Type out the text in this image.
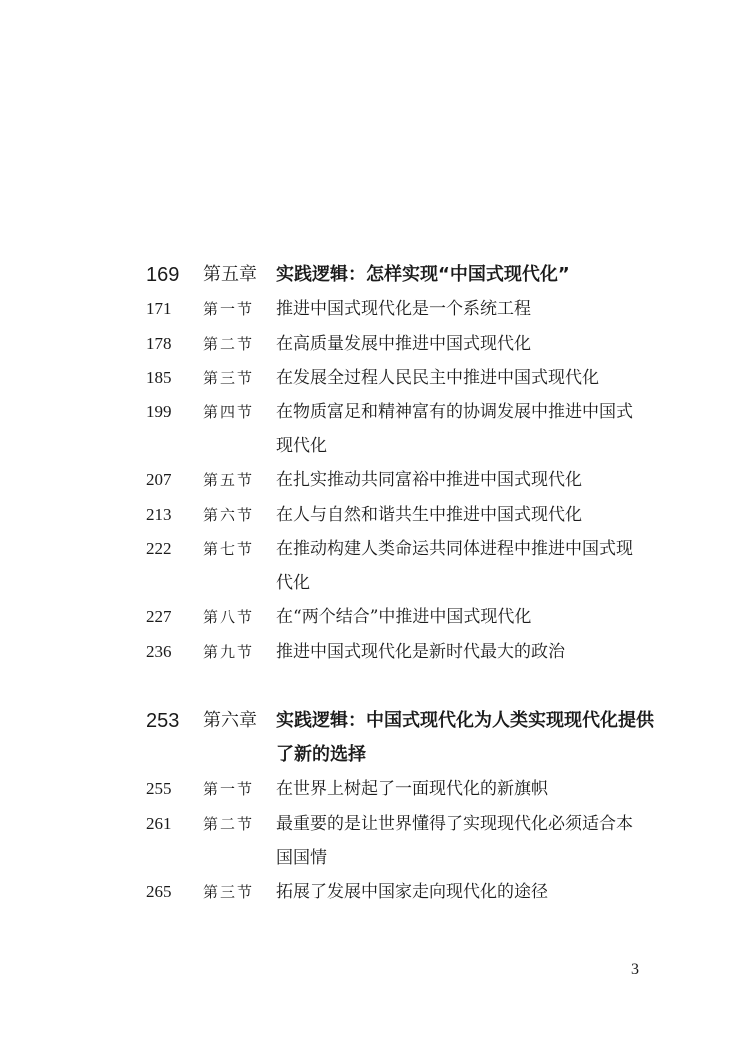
169 第五章 实践逻辑：怎样实现“中国式现代化”
171 第一节 推进中国式现代化是一个系统工程
178 第二节 在高质量发展中推进中国式现代化
185 第三节 在发展全过程人民民主中推进中国式现代化
199 第四节 在物质富足和精神富有的协调发展中推进中国式现代化
207 第五节 在扎实推动共同富裕中推进中国式现代化
213 第六节 在人与自然和谐共生中推进中国式现代化
222 第七节 在推动构建人类命运共同体进程中推进中国式现代化
227 第八节 在“两个结合”中推进中国式现代化
236 第九节 推进中国式现代化是新时代最大的政治
253 第六章 实践逻辑：中国式现代化为人类实现现代化提供了新的选择
255 第一节 在世界上树起了一面现代化的新旗帜
261 第二节 最重要的是让世界懂得了实现现代化必须适合本国国情
265 第三节 拓展了发展中国家走向现代化的途径
3
